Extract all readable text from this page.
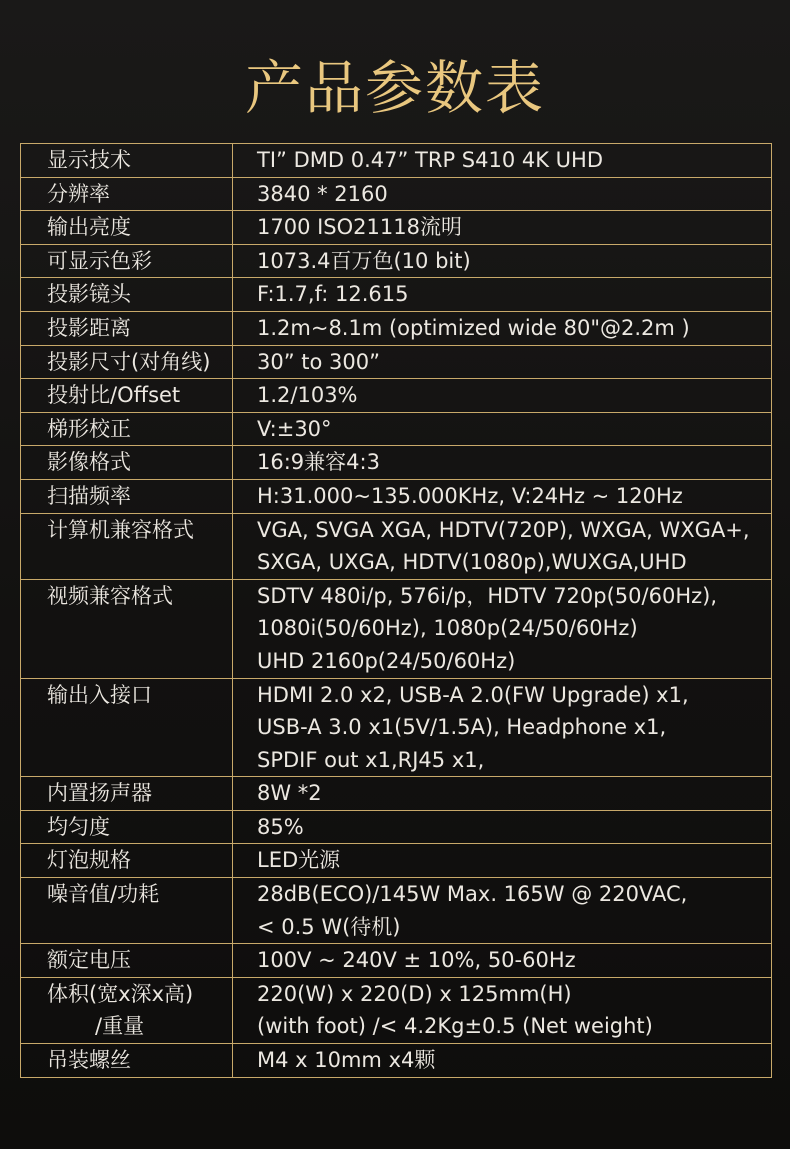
产品参数表
显示技术	TI” DMD 0.47” TRP S410 4K UHD

分辨率	3840 * 2160

输出亮度	1700 ISO21118流明

可显示色彩	1073.4百万色(10 bit)

投影镜头	F:1.7,f: 12.615

投影距离	1.2m~8.1m (optimized wide 80"@2.2m )

投影尺寸(对角线)	30” to 300”

投射比/Offset	1.2/103%

梯形校正	V:±30°

影像格式	16:9兼容4:3

扫描频率	H:31.000~135.000KHz, V:24Hz ~ 120Hz

计算机兼容格式	VGA, SVGA XGA, HDTV(720P), WXGA, WXGA+,
SXGA, UXGA, HDTV(1080p),WUXGA,UHD

视频兼容格式	SDTV 480i/p, 576i/p，HDTV 720p(50/60Hz),
1080i(50/60Hz), 1080p(24/50/60Hz)
UHD 2160p(24/50/60Hz)

输出入接口	HDMI 2.0 x2, USB-A 2.0(FW Upgrade) x1,
USB-A 3.0 x1(5V/1.5A), Headphone x1,
SPDIF out x1,RJ45 x1,

内置扬声器	8W *2

均匀度	85%

灯泡规格	LED光源

噪音值/功耗	28dB(ECO)/145W Max. 165W @ 220VAC,
< 0.5 W(待机)

额定电压	100V ~ 240V ± 10%, 50-60Hz

体积(宽x深x高)
/重量	220(W) x 220(D) x 125mm(H)
(with foot) /< 4.2Kg±0.5 (Net weight)

吊装螺丝	M4 x 10mm x4颗
